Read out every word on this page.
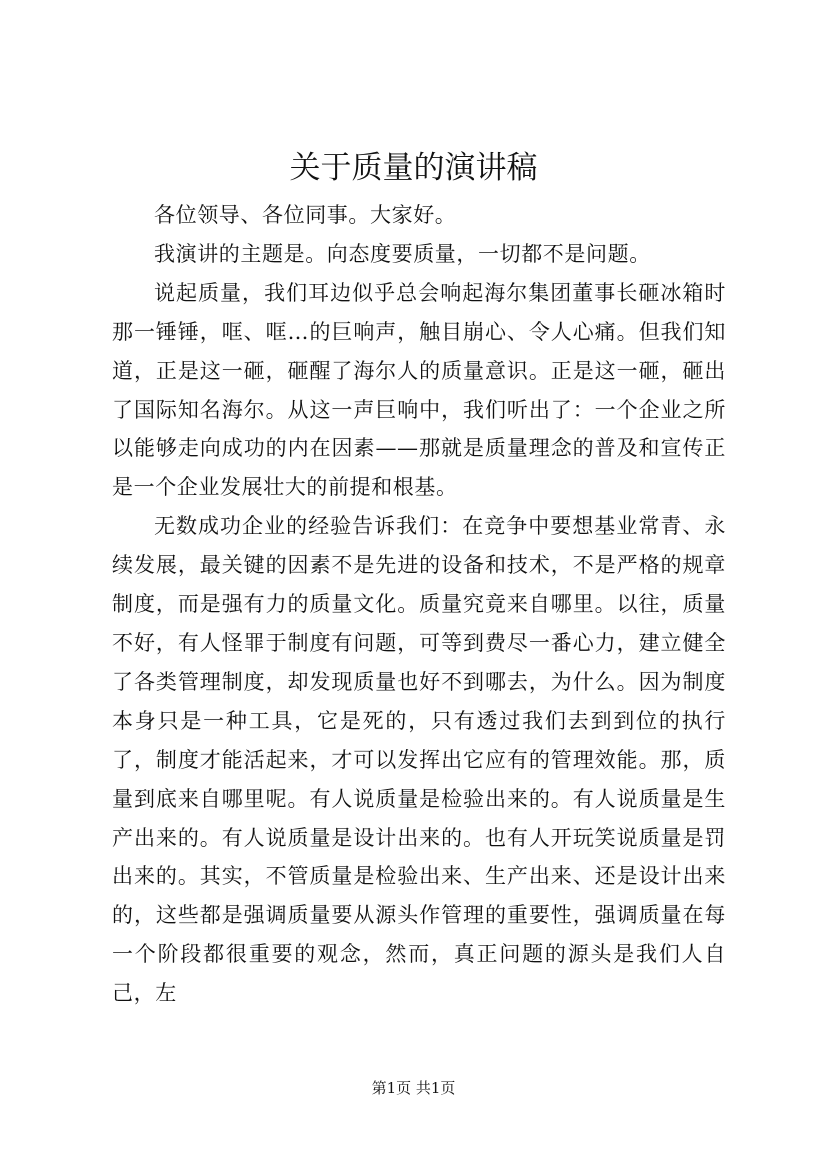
关于质量的演讲稿

各位领导、各位同事。大家好。

我演讲的主题是。向态度要质量，一切都不是问题。

说起质量，我们耳边似乎总会响起海尔集团董事长砸冰箱时那一锤锤，哐、哐…的巨响声，触目崩心、令人心痛。但我们知道，正是这一砸，砸醒了海尔人的质量意识。正是这一砸，砸出了国际知名海尔。从这一声巨响中，我们听出了：一个企业之所以能够走向成功的内在因素——那就是质量理念的普及和宣传正是一个企业发展壮大的前提和根基。

无数成功企业的经验告诉我们：在竞争中要想基业常青、永续发展，最关键的因素不是先进的设备和技术，不是严格的规章制度，而是强有力的质量文化。质量究竟来自哪里。以往，质量不好，有人怪罪于制度有问题，可等到费尽一番心力，建立健全了各类管理制度，却发现质量也好不到哪去，为什么。因为制度本身只是一种工具，它是死的，只有透过我们去到到位的执行了，制度才能活起来，才可以发挥出它应有的管理效能。那，质量到底来自哪里呢。有人说质量是检验出来的。有人说质量是生产出来的。有人说质量是设计出来的。也有人开玩笑说质量是罚出来的。其实，不管质量是检验出来、生产出来、还是设计出来的，这些都是强调质量要从源头作管理的重要性，强调质量在每一个阶段都很重要的观念，然而，真正问题的源头是我们人自己，左

第1页 共1页
